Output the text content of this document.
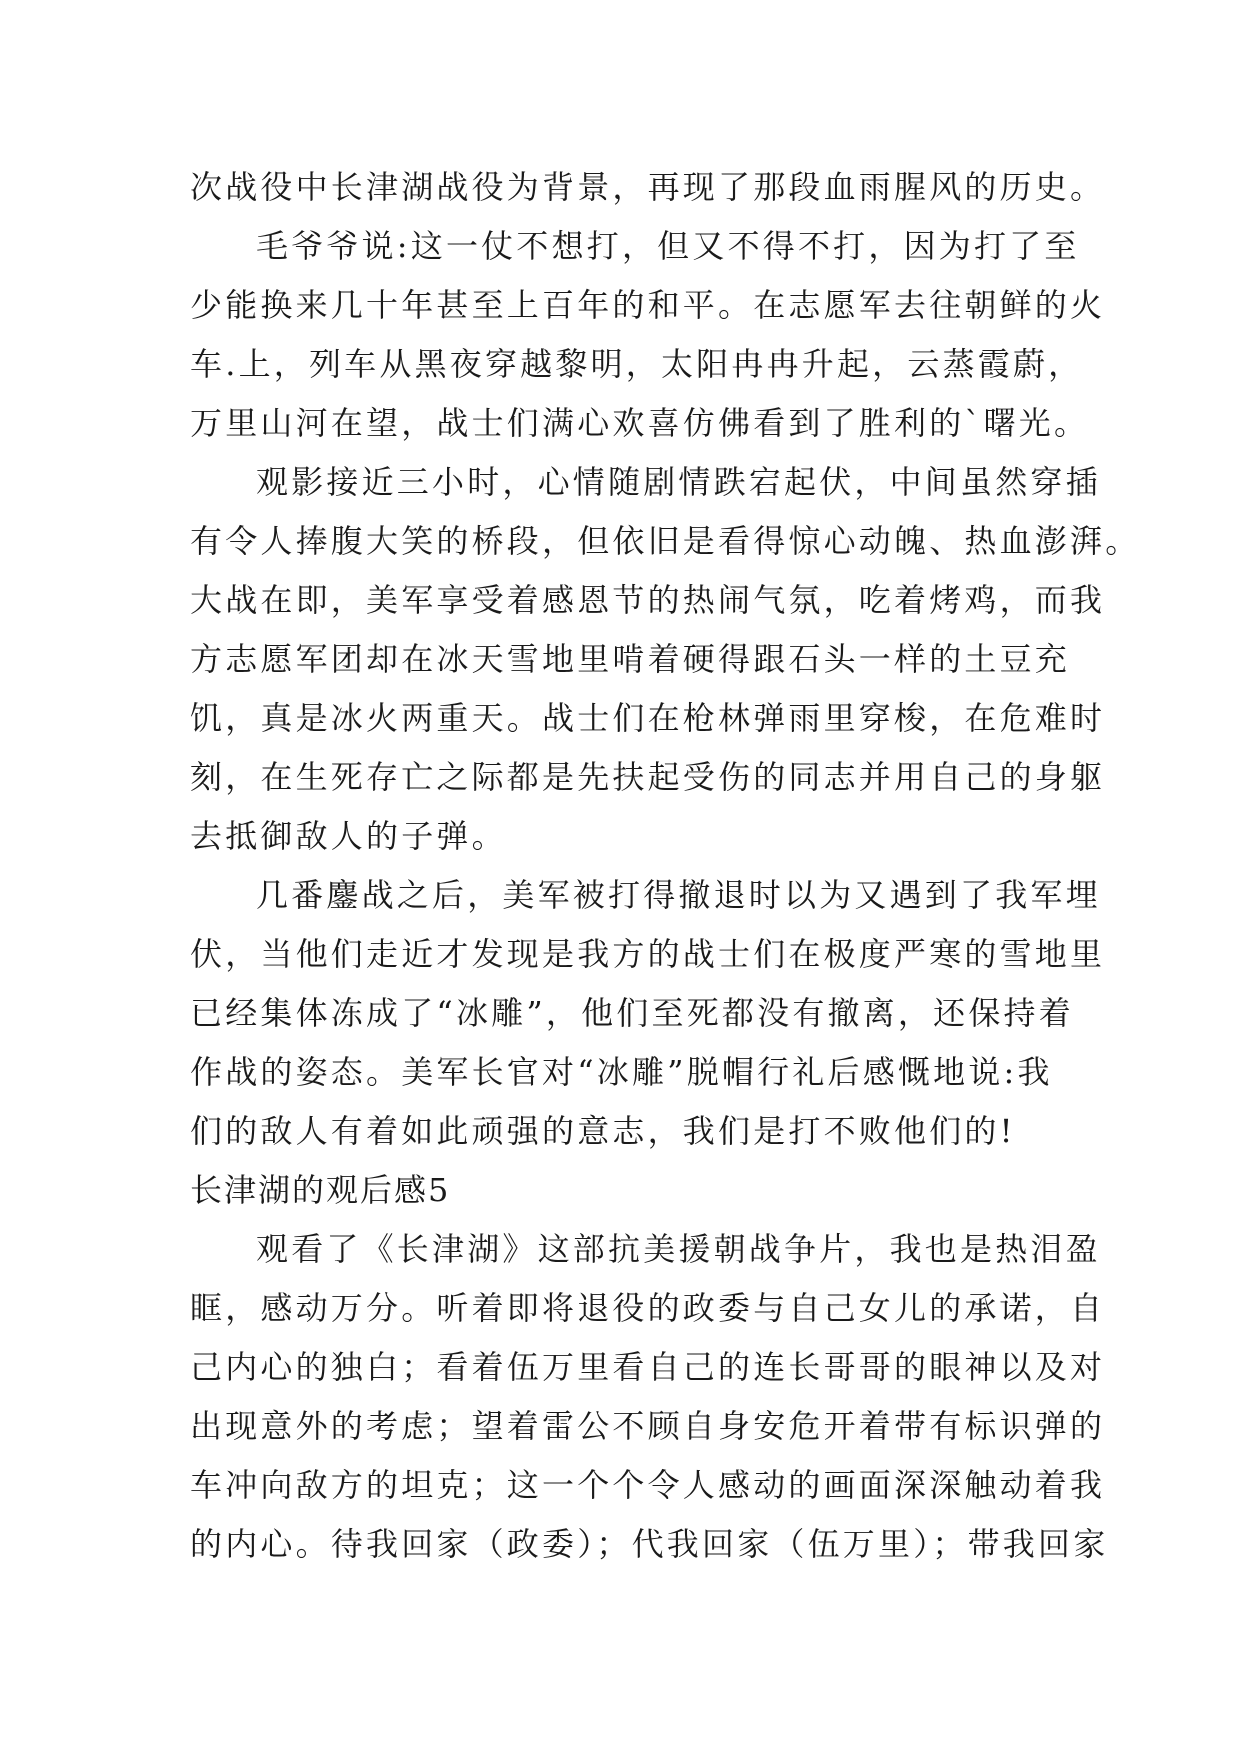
次战役中长津湖战役为背景，再现了那段血雨腥风的历史。
毛爷爷说:这一仗不想打，但又不得不打，因为打了至
少能换来几十年甚至上百年的和平。在志愿军去往朝鲜的火
车.上，列车从黑夜穿越黎明，太阳冉冉升起，云蒸霞蔚，
万里山河在望，战士们满心欢喜仿佛看到了胜利的`曙光。
观影接近三小时，心情随剧情跌宕起伏，中间虽然穿插
有令人捧腹大笑的桥段，但依旧是看得惊心动魄、热血澎湃。
大战在即，美军享受着感恩节的热闹气氛，吃着烤鸡，而我
方志愿军团却在冰天雪地里啃着硬得跟石头一样的土豆充
饥，真是冰火两重天。战士们在枪林弹雨里穿梭，在危难时
刻，在生死存亡之际都是先扶起受伤的同志并用自己的身躯
去抵御敌人的子弹。
几番鏖战之后，美军被打得撤退时以为又遇到了我军埋
伏，当他们走近才发现是我方的战士们在极度严寒的雪地里
已经集体冻成了“冰雕”，他们至死都没有撤离，还保持着
作战的姿态。美军长官对“冰雕”脱帽行礼后感慨地说:我
们的敌人有着如此顽强的意志，我们是打不败他们的!
长津湖的观后感5
观看了《长津湖》这部抗美援朝战争片，我也是热泪盈
眶，感动万分。听着即将退役的政委与自己女儿的承诺，自
己内心的独白；看着伍万里看自己的连长哥哥的眼神以及对
出现意外的考虑；望着雷公不顾自身安危开着带有标识弹的
车冲向敌方的坦克；这一个个令人感动的画面深深触动着我
的内心。待我回家（政委）；代我回家（伍万里）；带我回家
